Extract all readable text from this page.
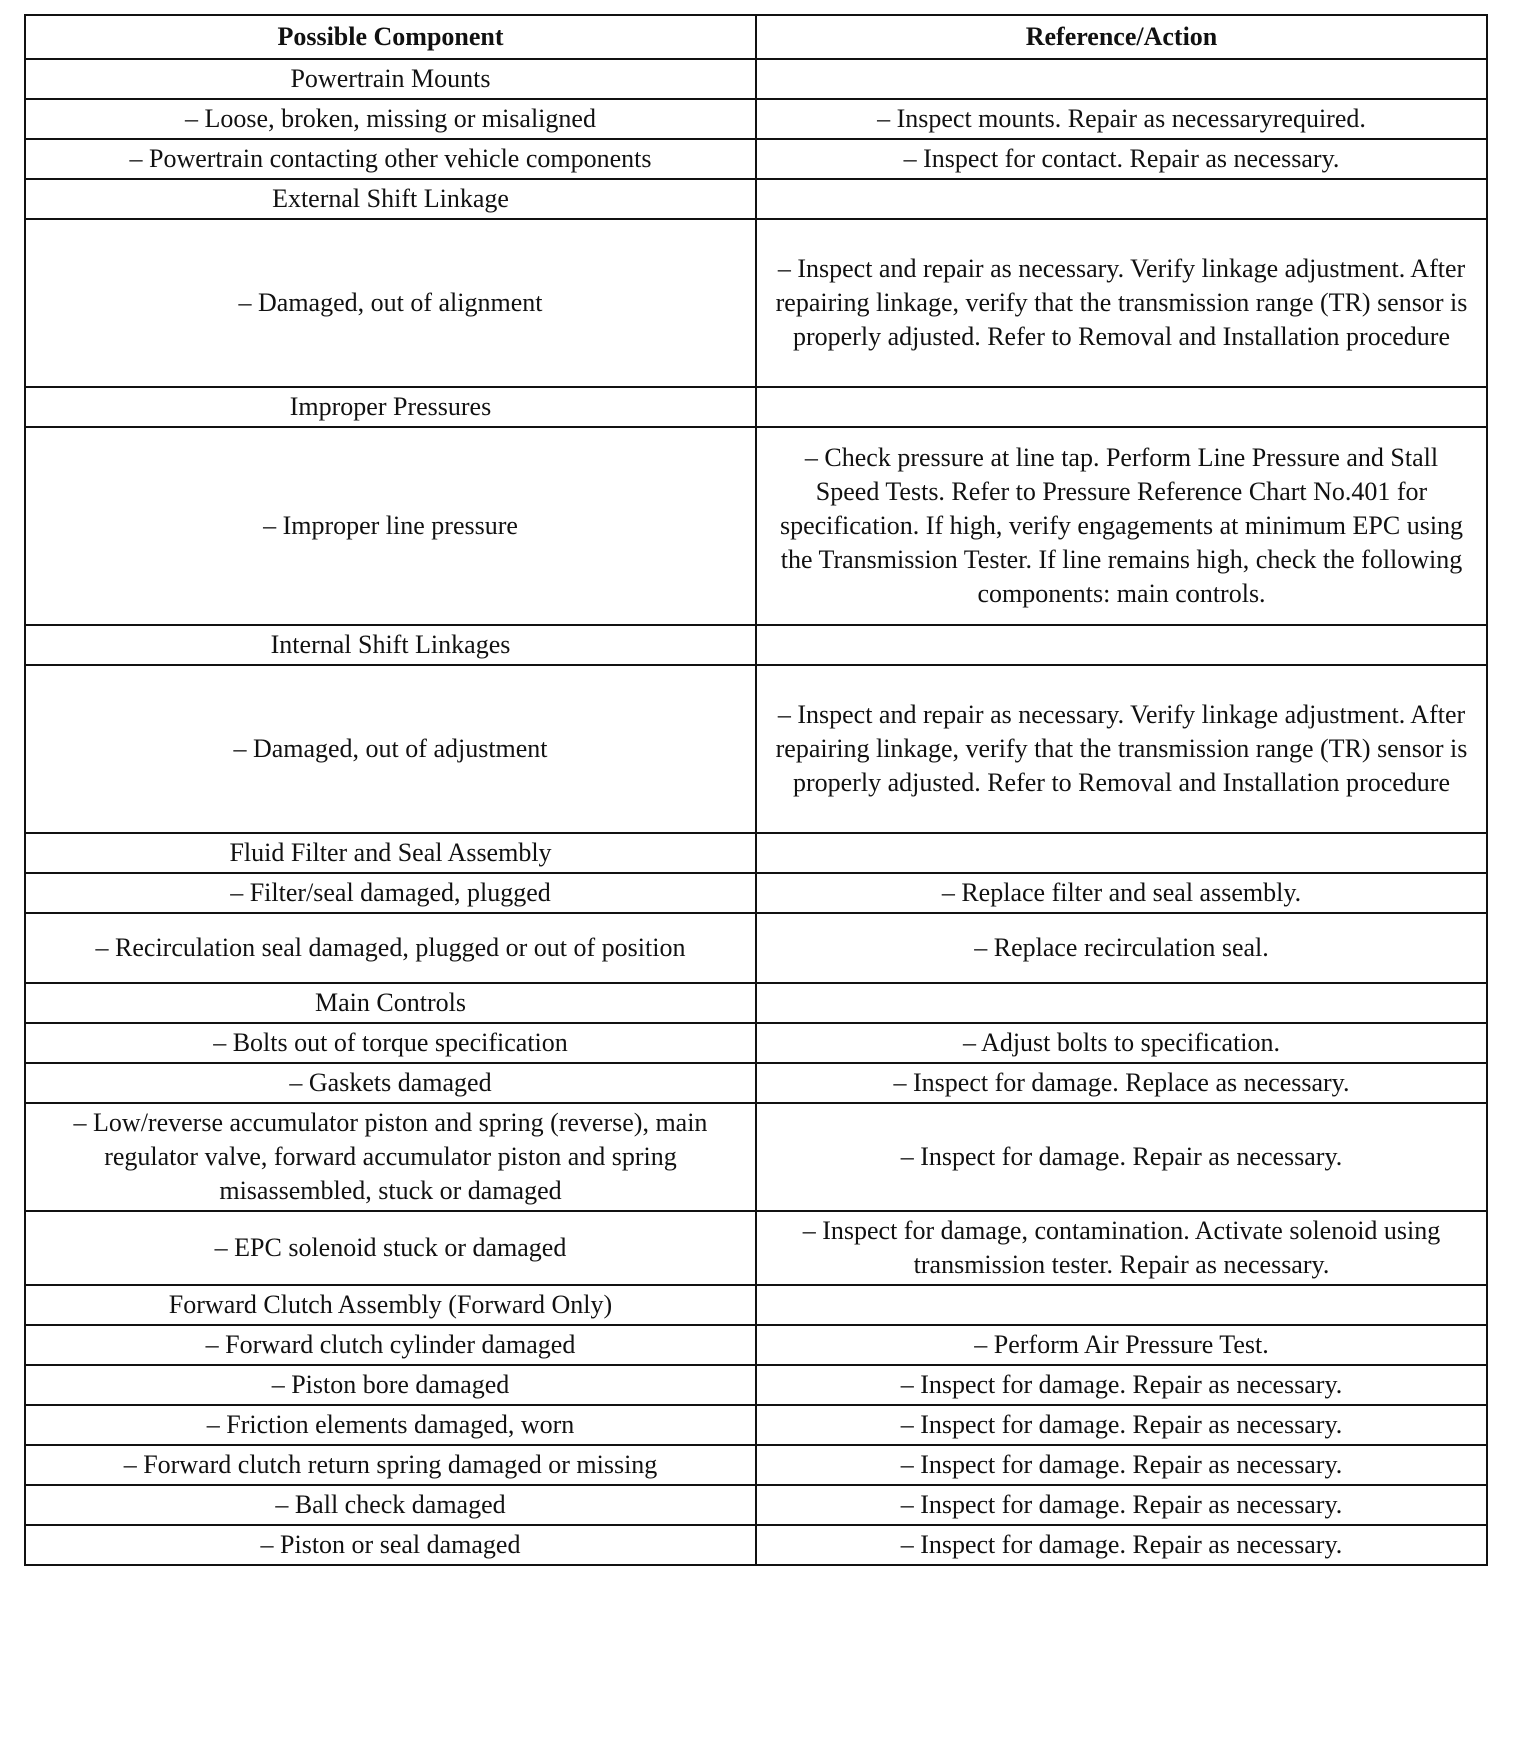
Possible Component	Reference/Action
Powertrain Mounts	
– Loose, broken, missing or misaligned	– Inspect mounts. Repair as necessaryrequired.
– Powertrain contacting other vehicle components	– Inspect for contact. Repair as necessary.
External Shift Linkage	
– Damaged, out of alignment	– Inspect and repair as necessary. Verify linkage adjustment. After repairing linkage, verify that the transmission range (TR) sensor is properly adjusted. Refer to Removal and Installation procedure
Improper Pressures	
– Improper line pressure	– Check pressure at line tap. Perform Line Pressure and Stall Speed Tests. Refer to Pressure Reference Chart No.401 for specification. If high, verify engagements at minimum EPC using the Transmission Tester. If line remains high, check the following components: main controls.
Internal Shift Linkages	
– Damaged, out of adjustment	– Inspect and repair as necessary. Verify linkage adjustment. After repairing linkage, verify that the transmission range (TR) sensor is properly adjusted. Refer to Removal and Installation procedure
Fluid Filter and Seal Assembly	
– Filter/seal damaged, plugged	– Replace filter and seal assembly.
– Recirculation seal damaged, plugged or out of position	– Replace recirculation seal.
Main Controls	
– Bolts out of torque specification	– Adjust bolts to specification.
– Gaskets damaged	– Inspect for damage. Replace as necessary.
– Low/reverse accumulator piston and spring (reverse), main regulator valve, forward accumulator piston and spring misassembled, stuck or damaged	– Inspect for damage. Repair as necessary.
– EPC solenoid stuck or damaged	– Inspect for damage, contamination. Activate solenoid using transmission tester. Repair as necessary.
Forward Clutch Assembly (Forward Only)	
– Forward clutch cylinder damaged	– Perform Air Pressure Test.
– Piston bore damaged	– Inspect for damage. Repair as necessary.
– Friction elements damaged, worn	– Inspect for damage. Repair as necessary.
– Forward clutch return spring damaged or missing	– Inspect for damage. Repair as necessary.
– Ball check damaged	– Inspect for damage. Repair as necessary.
– Piston or seal damaged	– Inspect for damage. Repair as necessary.
